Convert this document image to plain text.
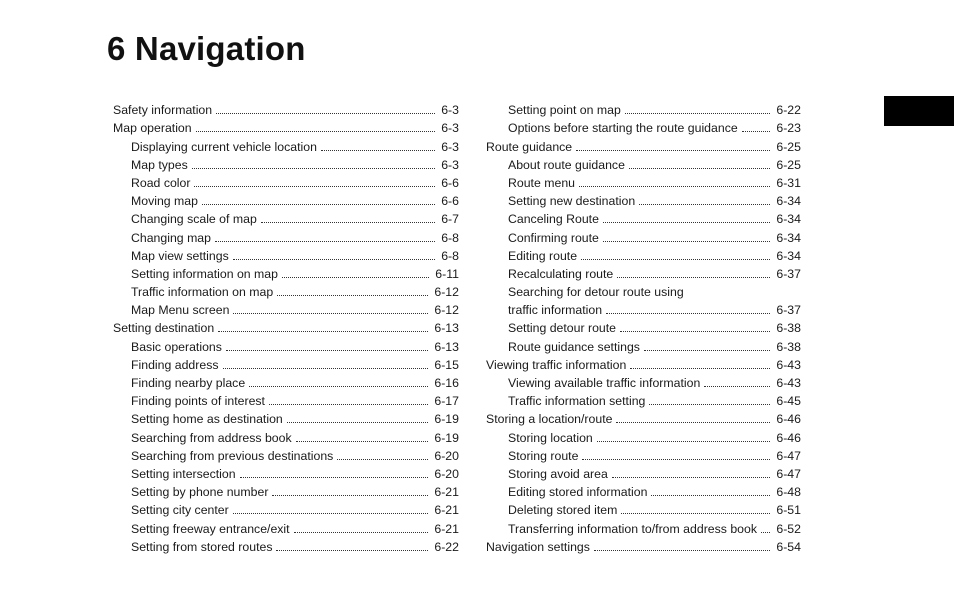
6 Navigation
Safety information	6-3
Map operation	6-3
Displaying current vehicle location	6-3
Map types	6-3
Road color	6-6
Moving map	6-6
Changing scale of map	6-7
Changing map	6-8
Map view settings	6-8
Setting information on map	6-11
Traffic information on map	6-12
Map Menu screen	6-12
Setting destination	6-13
Basic operations	6-13
Finding address	6-15
Finding nearby place	6-16
Finding points of interest	6-17
Setting home as destination	6-19
Searching from address book	6-19
Searching from previous destinations	6-20
Setting intersection	6-20
Setting by phone number	6-21
Setting city center	6-21
Setting freeway entrance/exit	6-21
Setting from stored routes	6-22
Setting point on map	6-22
Options before starting the route guidance	6-23
Route guidance	6-25
About route guidance	6-25
Route menu	6-31
Setting new destination	6-34
Canceling Route	6-34
Confirming route	6-34
Editing route	6-34
Recalculating route	6-37
Searching for detour route using
traffic information	6-37
Setting detour route	6-38
Route guidance settings	6-38
Viewing traffic information	6-43
Viewing available traffic information	6-43
Traffic information setting	6-45
Storing a location/route	6-46
Storing location	6-46
Storing route	6-47
Storing avoid area	6-47
Editing stored information	6-48
Deleting stored item	6-51
Transferring information to/from address book 6-52
Navigation settings	6-54
